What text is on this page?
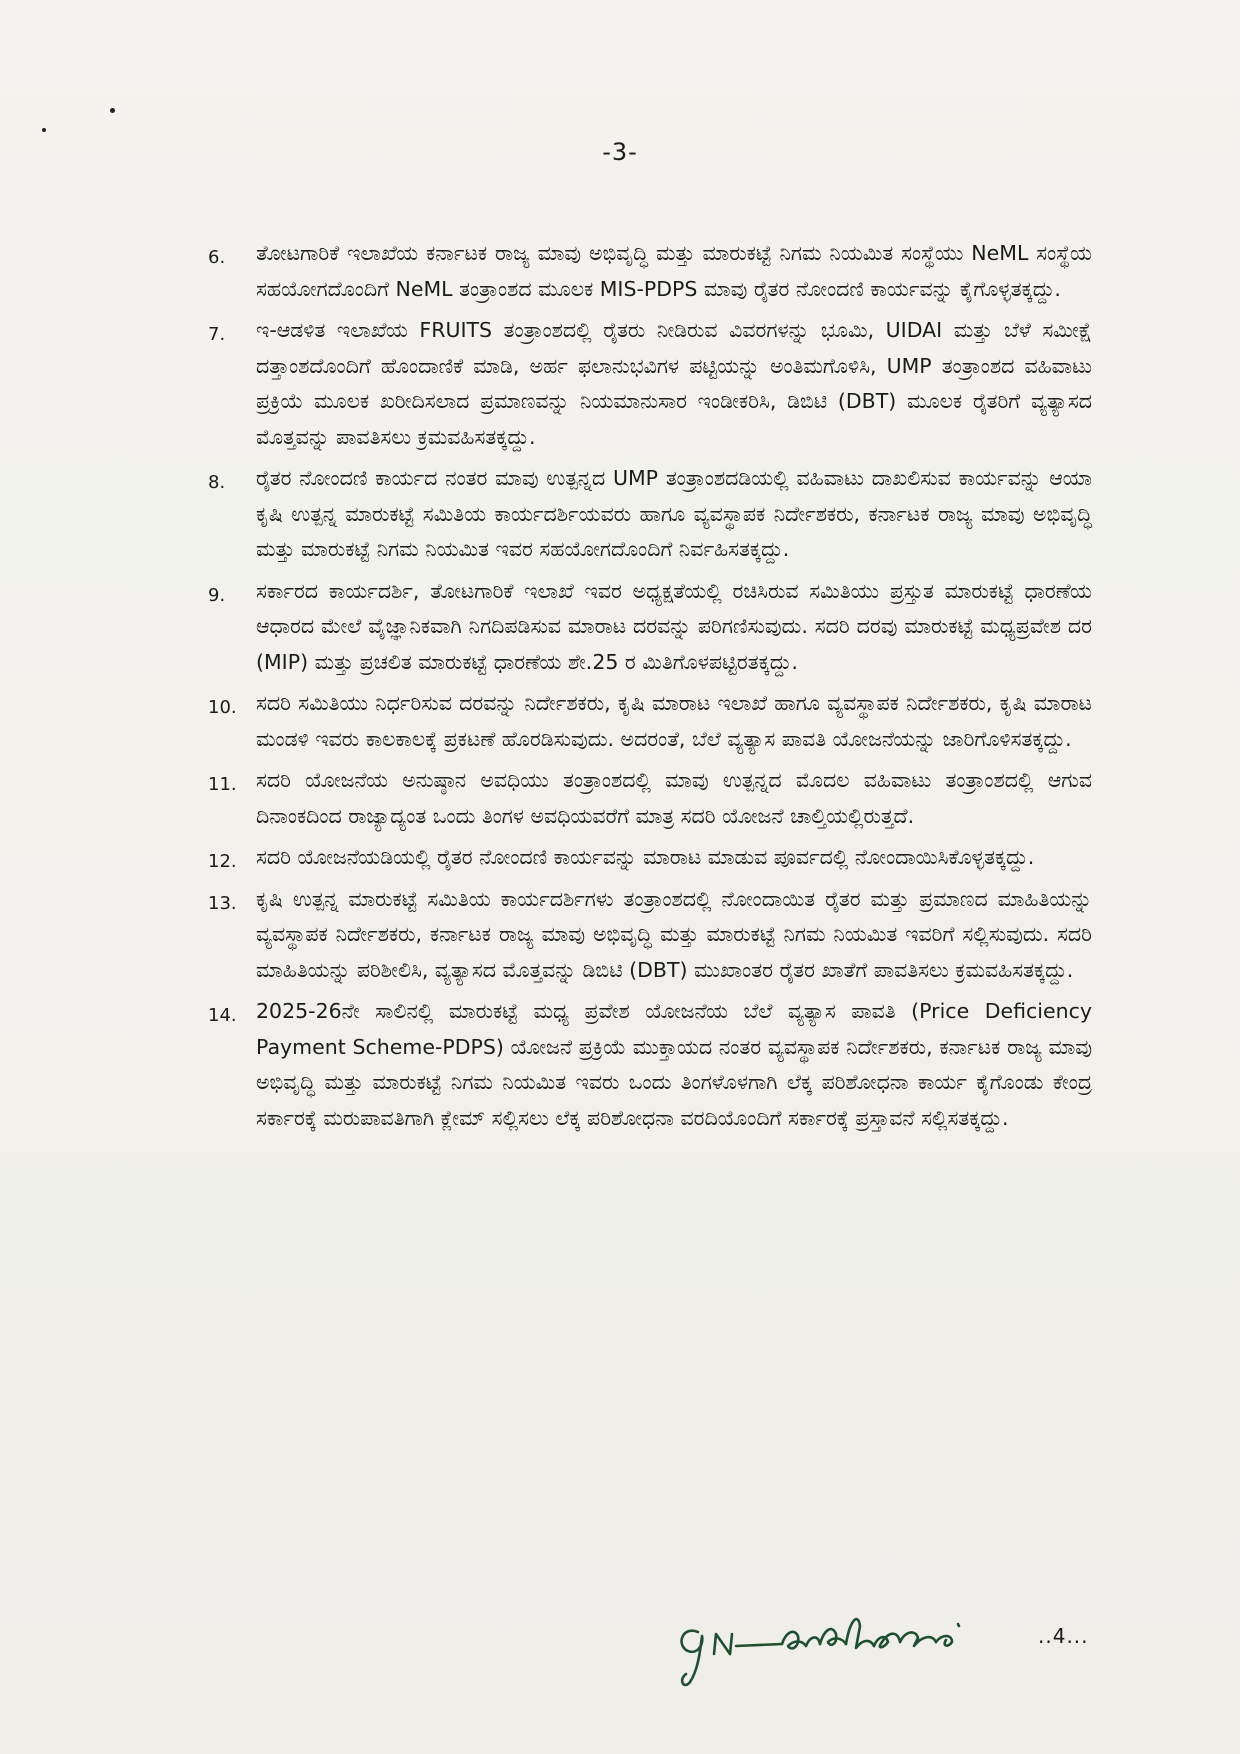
-3-
6.	ತೋಟಗಾರಿಕೆ ಇಲಾಖೆಯ ಕರ್ನಾಟಕ ರಾಜ್ಯ ಮಾವು ಅಭಿವೃದ್ಧಿ ಮತ್ತು ಮಾರುಕಟ್ಟೆ ನಿಗಮ ನಿಯಮಿತ ಸಂಸ್ಥೆಯು NeML ಸಂಸ್ಥೆಯ ಸಹಯೋಗದೊಂದಿಗೆ NeML ತಂತ್ರಾಂಶದ ಮೂಲಕ MIS-PDPS ಮಾವು ರೈತರ ನೋಂದಣಿ ಕಾರ್ಯವನ್ನು ಕೈಗೊಳ್ಳತಕ್ಕದ್ದು.
7.	ಇ-ಆಡಳಿತ ಇಲಾಖೆಯ FRUITS ತಂತ್ರಾಂಶದಲ್ಲಿ ರೈತರು ನೀಡಿರುವ ವಿವರಗಳನ್ನು ಭೂಮಿ, UIDAI ಮತ್ತು ಬೆಳೆ ಸಮೀಕ್ಷೆ ದತ್ತಾಂಶದೊಂದಿಗೆ ಹೊಂದಾಣಿಕೆ ಮಾಡಿ, ಅರ್ಹ ಫಲಾನುಭವಿಗಳ ಪಟ್ಟಿಯನ್ನು ಅಂತಿಮಗೊಳಿಸಿ, UMP ತಂತ್ರಾಂಶದ ವಹಿವಾಟು ಪ್ರಕ್ರಿಯೆ ಮೂಲಕ ಖರೀದಿಸಲಾದ ಪ್ರಮಾಣವನ್ನು ನಿಯಮಾನುಸಾರ ಇಂಡೀಕರಿಸಿ, ಡಿಬಿಟಿ (DBT) ಮೂಲಕ ರೈತರಿಗೆ ವ್ಯತ್ಯಾಸದ ಮೊತ್ತವನ್ನು ಪಾವತಿಸಲು ಕ್ರಮವಹಿಸತಕ್ಕದ್ದು.
8.	ರೈತರ ನೋಂದಣಿ ಕಾರ್ಯದ ನಂತರ ಮಾವು ಉತ್ಪನ್ನದ UMP ತಂತ್ರಾಂಶದಡಿಯಲ್ಲಿ ವಹಿವಾಟು ದಾಖಲಿಸುವ ಕಾರ್ಯವನ್ನು ಆಯಾ ಕೃಷಿ ಉತ್ಪನ್ನ ಮಾರುಕಟ್ಟೆ ಸಮಿತಿಯ ಕಾರ್ಯದರ್ಶಿಯವರು ಹಾಗೂ ವ್ಯವಸ್ಥಾಪಕ ನಿರ್ದೇಶಕರು, ಕರ್ನಾಟಕ ರಾಜ್ಯ ಮಾವು ಅಭಿವೃದ್ಧಿ ಮತ್ತು ಮಾರುಕಟ್ಟೆ ನಿಗಮ ನಿಯಮಿತ ಇವರ ಸಹಯೋಗದೊಂದಿಗೆ ನಿರ್ವಹಿಸತಕ್ಕದ್ದು.
9.	ಸರ್ಕಾರದ ಕಾರ್ಯದರ್ಶಿ, ತೋಟಗಾರಿಕೆ ಇಲಾಖೆ ಇವರ ಅಧ್ಯಕ್ಷತೆಯಲ್ಲಿ ರಚಿಸಿರುವ ಸಮಿತಿಯು ಪ್ರಸ್ತುತ ಮಾರುಕಟ್ಟೆ ಧಾರಣೆಯ ಆಧಾರದ ಮೇಲೆ ವೈಜ್ಞಾನಿಕವಾಗಿ ನಿಗದಿಪಡಿಸುವ ಮಾರಾಟ ದರವನ್ನು ಪರಿಗಣಿಸುವುದು. ಸದರಿ ದರವು ಮಾರುಕಟ್ಟೆ ಮಧ್ಯಪ್ರವೇಶ ದರ (MIP) ಮತ್ತು ಪ್ರಚಲಿತ ಮಾರುಕಟ್ಟೆ ಧಾರಣೆಯ ಶೇ.25 ರ ಮಿತಿಗೊಳಪಟ್ಟಿರತಕ್ಕದ್ದು.
10. ಸದರಿ ಸಮಿತಿಯು ನಿರ್ಧರಿಸುವ ದರವನ್ನು ನಿರ್ದೇಶಕರು, ಕೃಷಿ ಮಾರಾಟ ಇಲಾಖೆ ಹಾಗೂ ವ್ಯವಸ್ಥಾಪಕ ನಿರ್ದೇಶಕರು, ಕೃಷಿ ಮಾರಾಟ ಮಂಡಳಿ ಇವರು ಕಾಲಕಾಲಕ್ಕೆ ಪ್ರಕಟಣೆ ಹೊರಡಿಸುವುದು. ಅದರಂತೆ, ಬೆಲೆ ವ್ಯತ್ಯಾಸ ಪಾವತಿ ಯೋಜನೆಯನ್ನು ಜಾರಿಗೊಳಿಸತಕ್ಕದ್ದು.
11. ಸದರಿ ಯೋಜನೆಯ ಅನುಷ್ಠಾನ ಅವಧಿಯು ತಂತ್ರಾಂಶದಲ್ಲಿ ಮಾವು ಉತ್ಪನ್ನದ ಮೊದಲ ವಹಿವಾಟು ತಂತ್ರಾಂಶದಲ್ಲಿ ಆಗುವ ದಿನಾಂಕದಿಂದ ರಾಜ್ಯಾದ್ಯಂತ ಒಂದು ತಿಂಗಳ ಅವಧಿಯವರೆಗೆ ಮಾತ್ರ ಸದರಿ ಯೋಜನೆ ಚಾಲ್ತಿಯಲ್ಲಿರುತ್ತದೆ.
12. ಸದರಿ ಯೋಜನೆಯಡಿಯಲ್ಲಿ ರೈತರ ನೋಂದಣಿ ಕಾರ್ಯವನ್ನು ಮಾರಾಟ ಮಾಡುವ ಪೂರ್ವದಲ್ಲಿ ನೋಂದಾಯಿಸಿಕೊಳ್ಳತಕ್ಕದ್ದು.
13. ಕೃಷಿ ಉತ್ಪನ್ನ ಮಾರುಕಟ್ಟೆ ಸಮಿತಿಯ ಕಾರ್ಯದರ್ಶಿಗಳು ತಂತ್ರಾಂಶದಲ್ಲಿ ನೋಂದಾಯಿತ ರೈತರ ಮತ್ತು ಪ್ರಮಾಣದ ಮಾಹಿತಿಯನ್ನು ವ್ಯವಸ್ಥಾಪಕ ನಿರ್ದೇಶಕರು, ಕರ್ನಾಟಕ ರಾಜ್ಯ ಮಾವು ಅಭಿವೃದ್ಧಿ ಮತ್ತು ಮಾರುಕಟ್ಟೆ ನಿಗಮ ನಿಯಮಿತ ಇವರಿಗೆ ಸಲ್ಲಿಸುವುದು. ಸದರಿ ಮಾಹಿತಿಯನ್ನು ಪರಿಶೀಲಿಸಿ, ವ್ಯತ್ಯಾಸದ ಮೊತ್ತವನ್ನು ಡಿಬಿಟಿ (DBT) ಮುಖಾಂತರ ರೈತರ ಖಾತೆಗೆ ಪಾವತಿಸಲು ಕ್ರಮವಹಿಸತಕ್ಕದ್ದು.
14. 2025-26ನೇ ಸಾಲಿನಲ್ಲಿ ಮಾರುಕಟ್ಟೆ ಮಧ್ಯ ಪ್ರವೇಶ ಯೋಜನೆಯ ಬೆಲೆ ವ್ಯತ್ಯಾಸ ಪಾವತಿ (Price Deficiency Payment Scheme-PDPS) ಯೋಜನೆ ಪ್ರಕ್ರಿಯೆ ಮುಕ್ತಾಯದ ನಂತರ ವ್ಯವಸ್ಥಾಪಕ ನಿರ್ದೇಶಕರು, ಕರ್ನಾಟಕ ರಾಜ್ಯ ಮಾವು ಅಭಿವೃದ್ಧಿ ಮತ್ತು ಮಾರುಕಟ್ಟೆ ನಿಗಮ ನಿಯಮಿತ ಇವರು ಒಂದು ತಿಂಗಳೊಳಗಾಗಿ ಲೆಕ್ಕ ಪರಿಶೋಧನಾ ಕಾರ್ಯ ಕೈಗೊಂಡು ಕೇಂದ್ರ ಸರ್ಕಾರಕ್ಕೆ ಮರುಪಾವತಿಗಾಗಿ ಕ್ಲೇಮ್ ಸಲ್ಲಿಸಲು ಲೆಕ್ಕ ಪರಿಶೋಧನಾ ವರದಿಯೊಂದಿಗೆ ಸರ್ಕಾರಕ್ಕೆ ಪ್ರಸ್ತಾವನೆ ಸಲ್ಲಿಸತಕ್ಕದ್ದು.
..4...
